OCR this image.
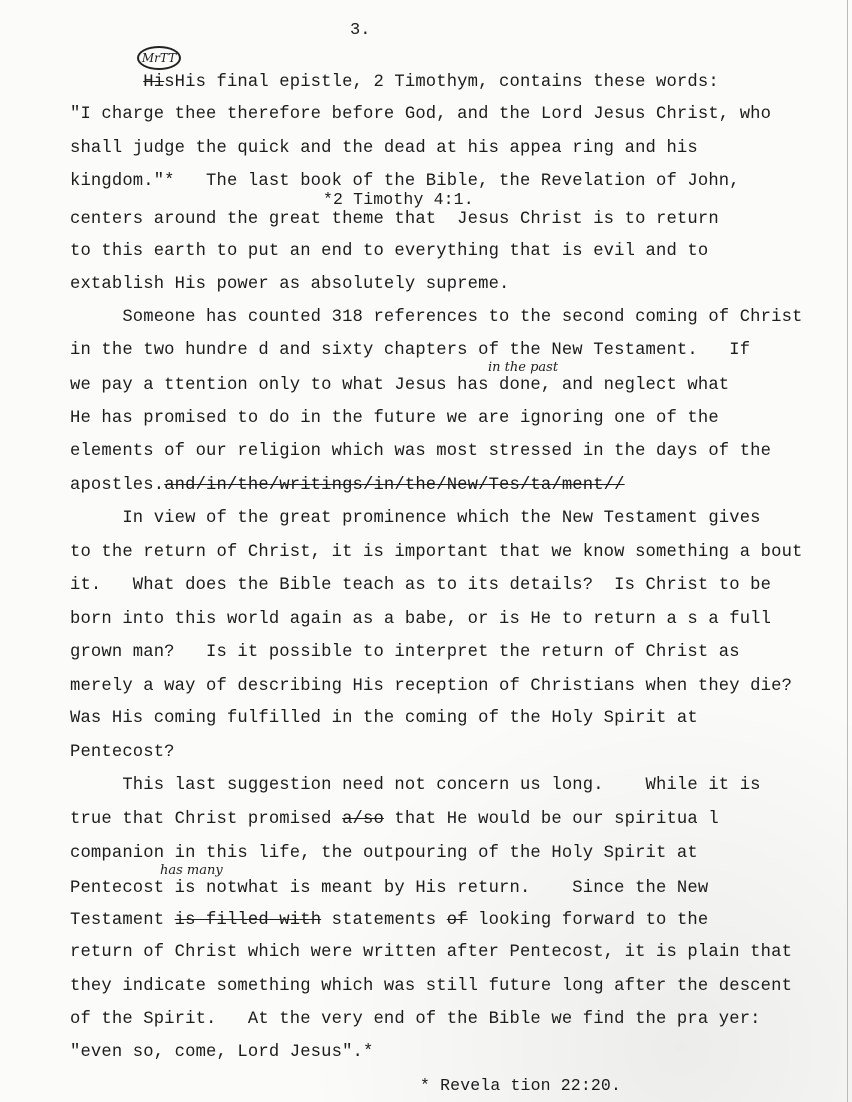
3.
MrTT
HisHis final epistle, 2 Timothym, contains these words:
"I charge thee therefore before God, and the Lord Jesus Christ, who
shall judge the quick and the dead at his appea ring and his
kingdom."*   The last book of the Bible, the Revelation of John,
centers around the great theme that  Jesus Christ is to return
to this earth to put an end to everything that is evil and to
extablish His power as absolutely supreme.
Someone has counted 318 references to the second coming of Christ
in the two hundre d and sixty chapters of the New Testament.   If
we pay a ttention only to what Jesus has done, and neglect what
He has promised to do in the future we are ignoring one of the
elements of our religion which was most stressed in the days of the
apostles.and/in/the/writings/in/the/New/Tes/ta/ment//
In view of the great prominence which the New Testament gives
to the return of Christ, it is important that we know something a bout
it.   What does the Bible teach as to its details?  Is Christ to be
born into this world again as a babe, or is He to return a s a full
grown man?   Is it possible to interpret the return of Christ as
merely a way of describing His reception of Christians when they die?
Was His coming fulfilled in the coming of the Holy Spirit at
Pentecost?
This last suggestion need not concern us long.    While it is
true that Christ promised a/so that He would be our spiritua l
companion in this life, the outpouring of the Holy Spirit at
Pentecost is notwhat is meant by His return.    Since the New
Testament is filled with statements of looking forward to the
return of Christ which were written after Pentecost, it is plain that
they indicate something which was still future long after the descent
of the Spirit.   At the very end of the Bible we find the pra yer:
"even so, come, Lord Jesus".*
*2 Timothy 4:1.
* Revela tion 22:20.
in the past
has many
